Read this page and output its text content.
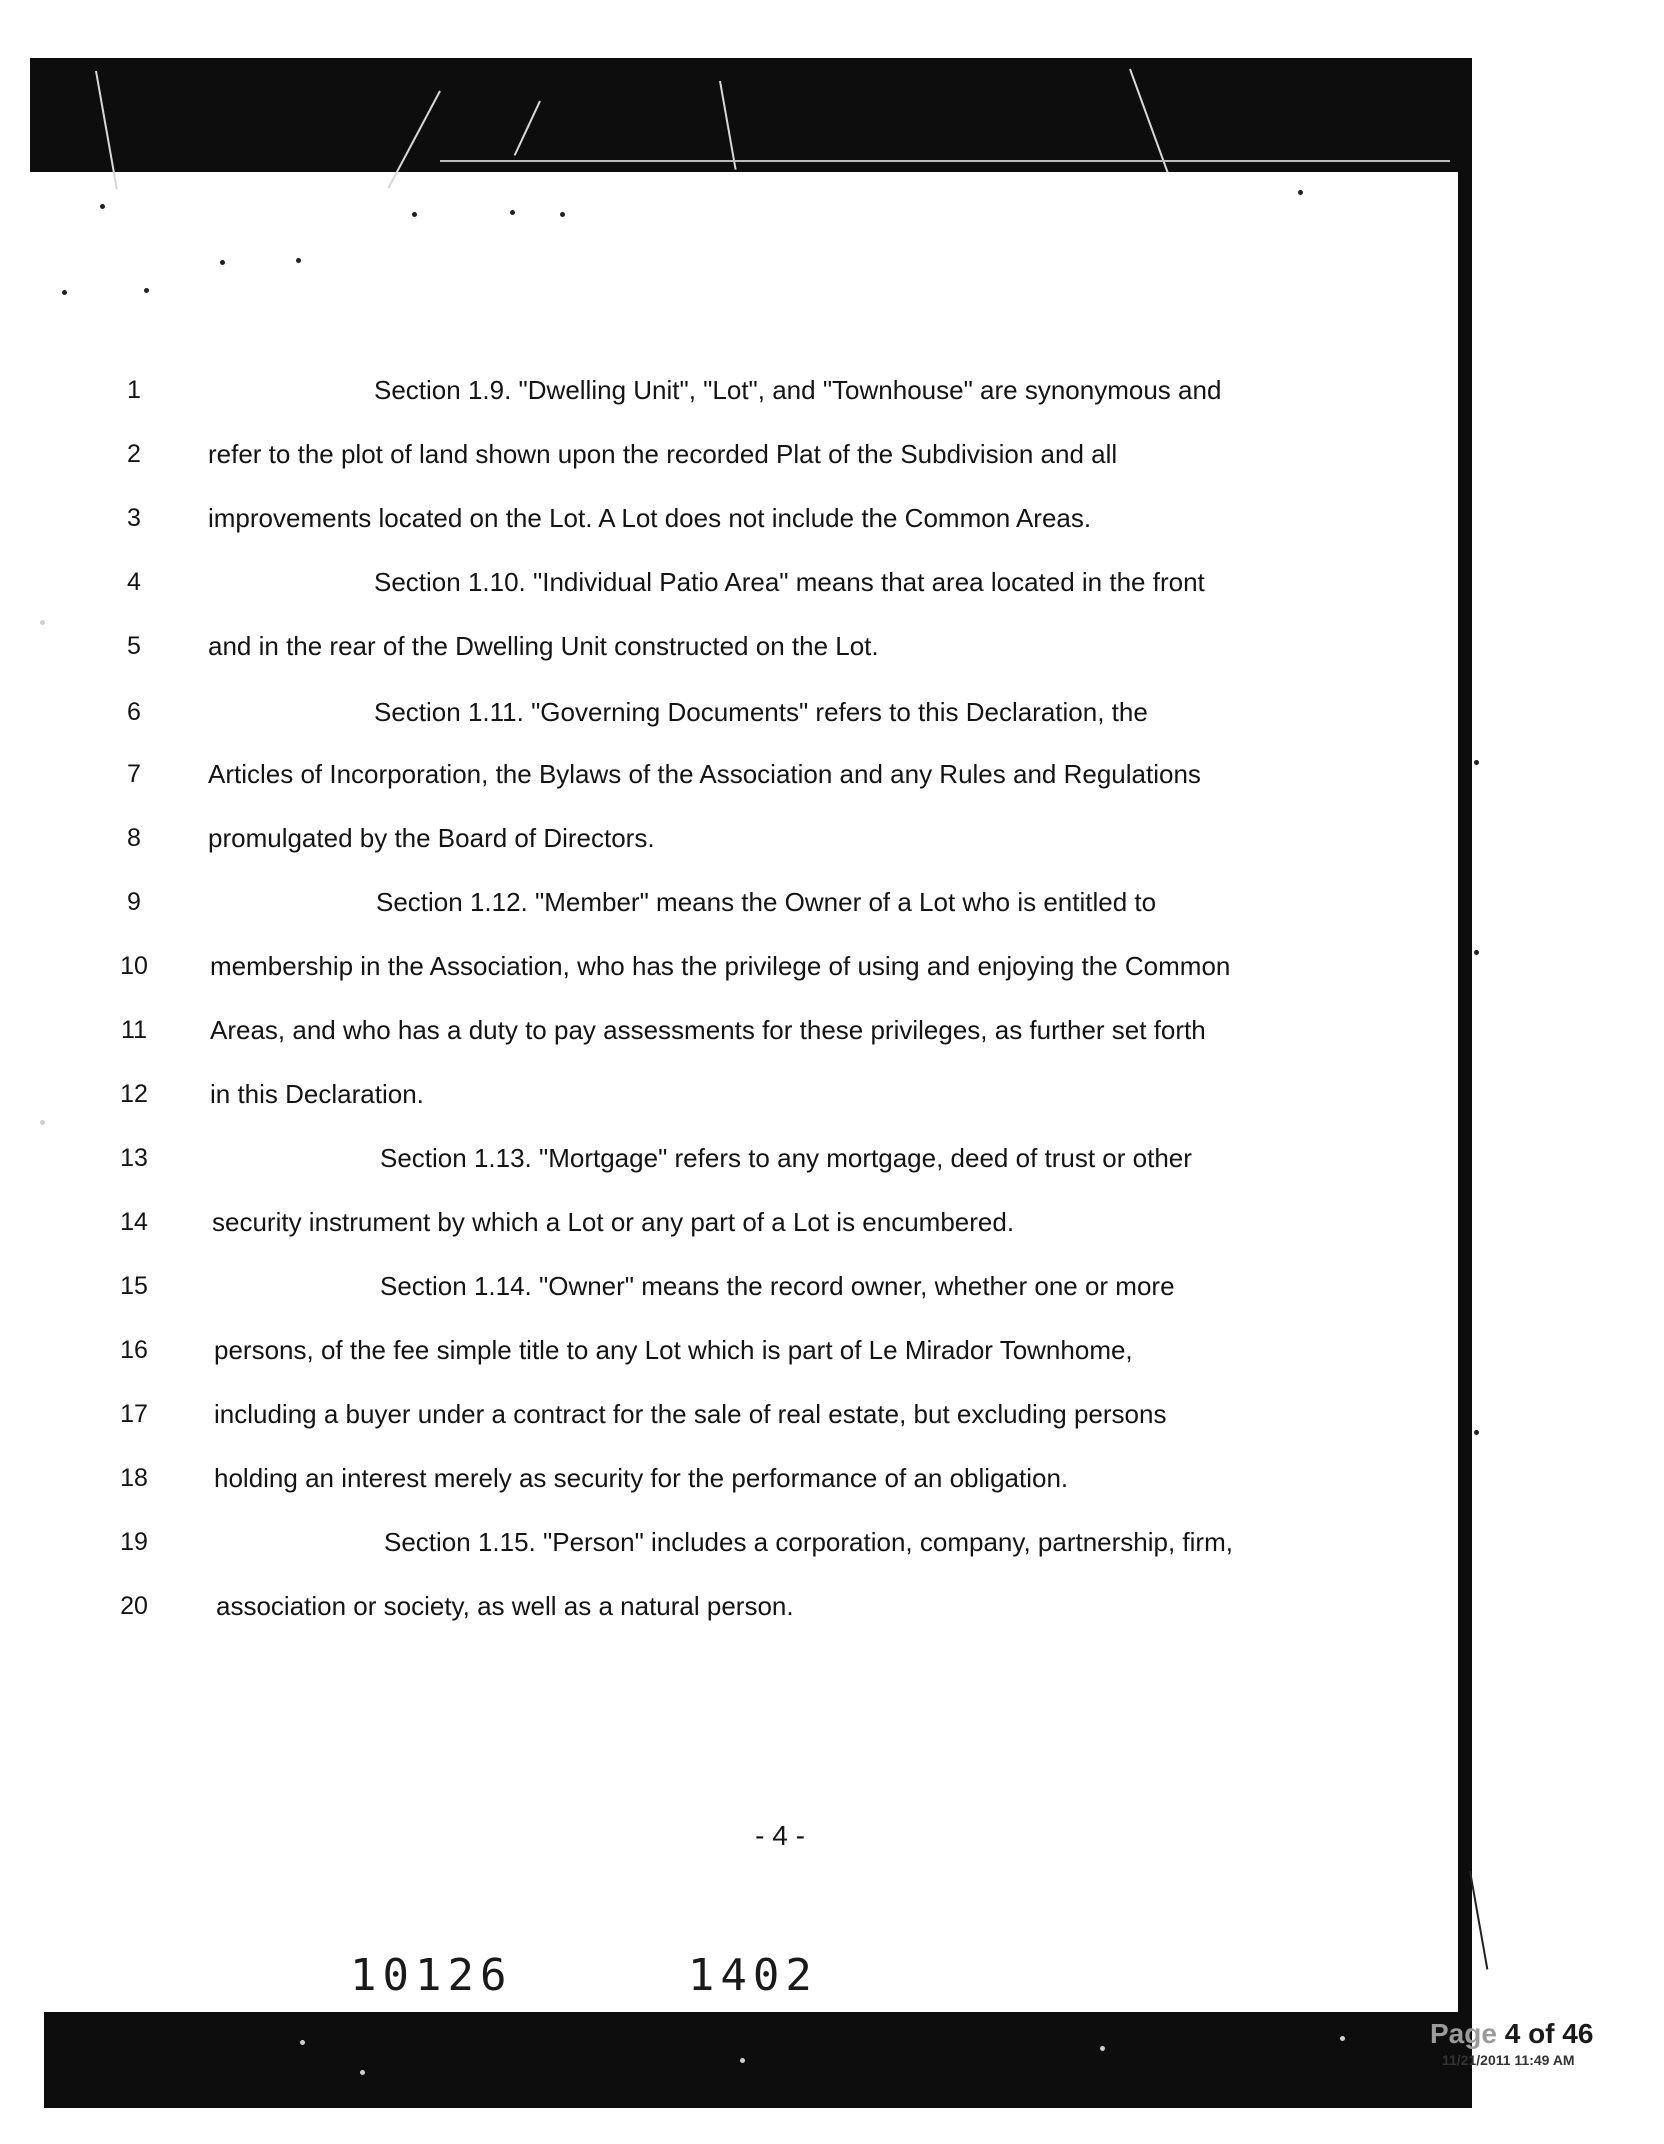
1	Section 1.9. "Dwelling Unit", "Lot", and "Townhouse" are synonymous and
2	refer to the plot of land shown upon the recorded Plat of the Subdivision and all
3	improvements located on the Lot. A Lot does not include the Common Areas.
4	Section 1.10. "Individual Patio Area" means that area located in the front
5	and in the rear of the Dwelling Unit constructed on the Lot.
6	Section 1.11. "Governing Documents" refers to this Declaration, the
7	Articles of Incorporation, the Bylaws of the Association and any Rules and Regulations
8	promulgated by the Board of Directors.
9	Section 1.12. "Member" means the Owner of a Lot who is entitled to
10	membership in the Association, who has the privilege of using and enjoying the Common
11	Areas, and who has a duty to pay assessments for these privileges, as further set forth
12	in this Declaration.
13	Section 1.13. "Mortgage" refers to any mortgage, deed of trust or other
14	security instrument by which a Lot or any part of a Lot is encumbered.
15	Section 1.14. "Owner" means the record owner, whether one or more
16	persons, of the fee simple title to any Lot which is part of Le Mirador Townhome,
17	including a buyer under a contract for the sale of real estate, but excluding persons
18	holding an interest merely as security for the performance of an obligation.
19	Section 1.15. "Person" includes a corporation, company, partnership, firm,
20	association or society, as well as a natural person.
- 4 -
10126   1402
Page 4 of 46
11/21/2011 11:49 AM
